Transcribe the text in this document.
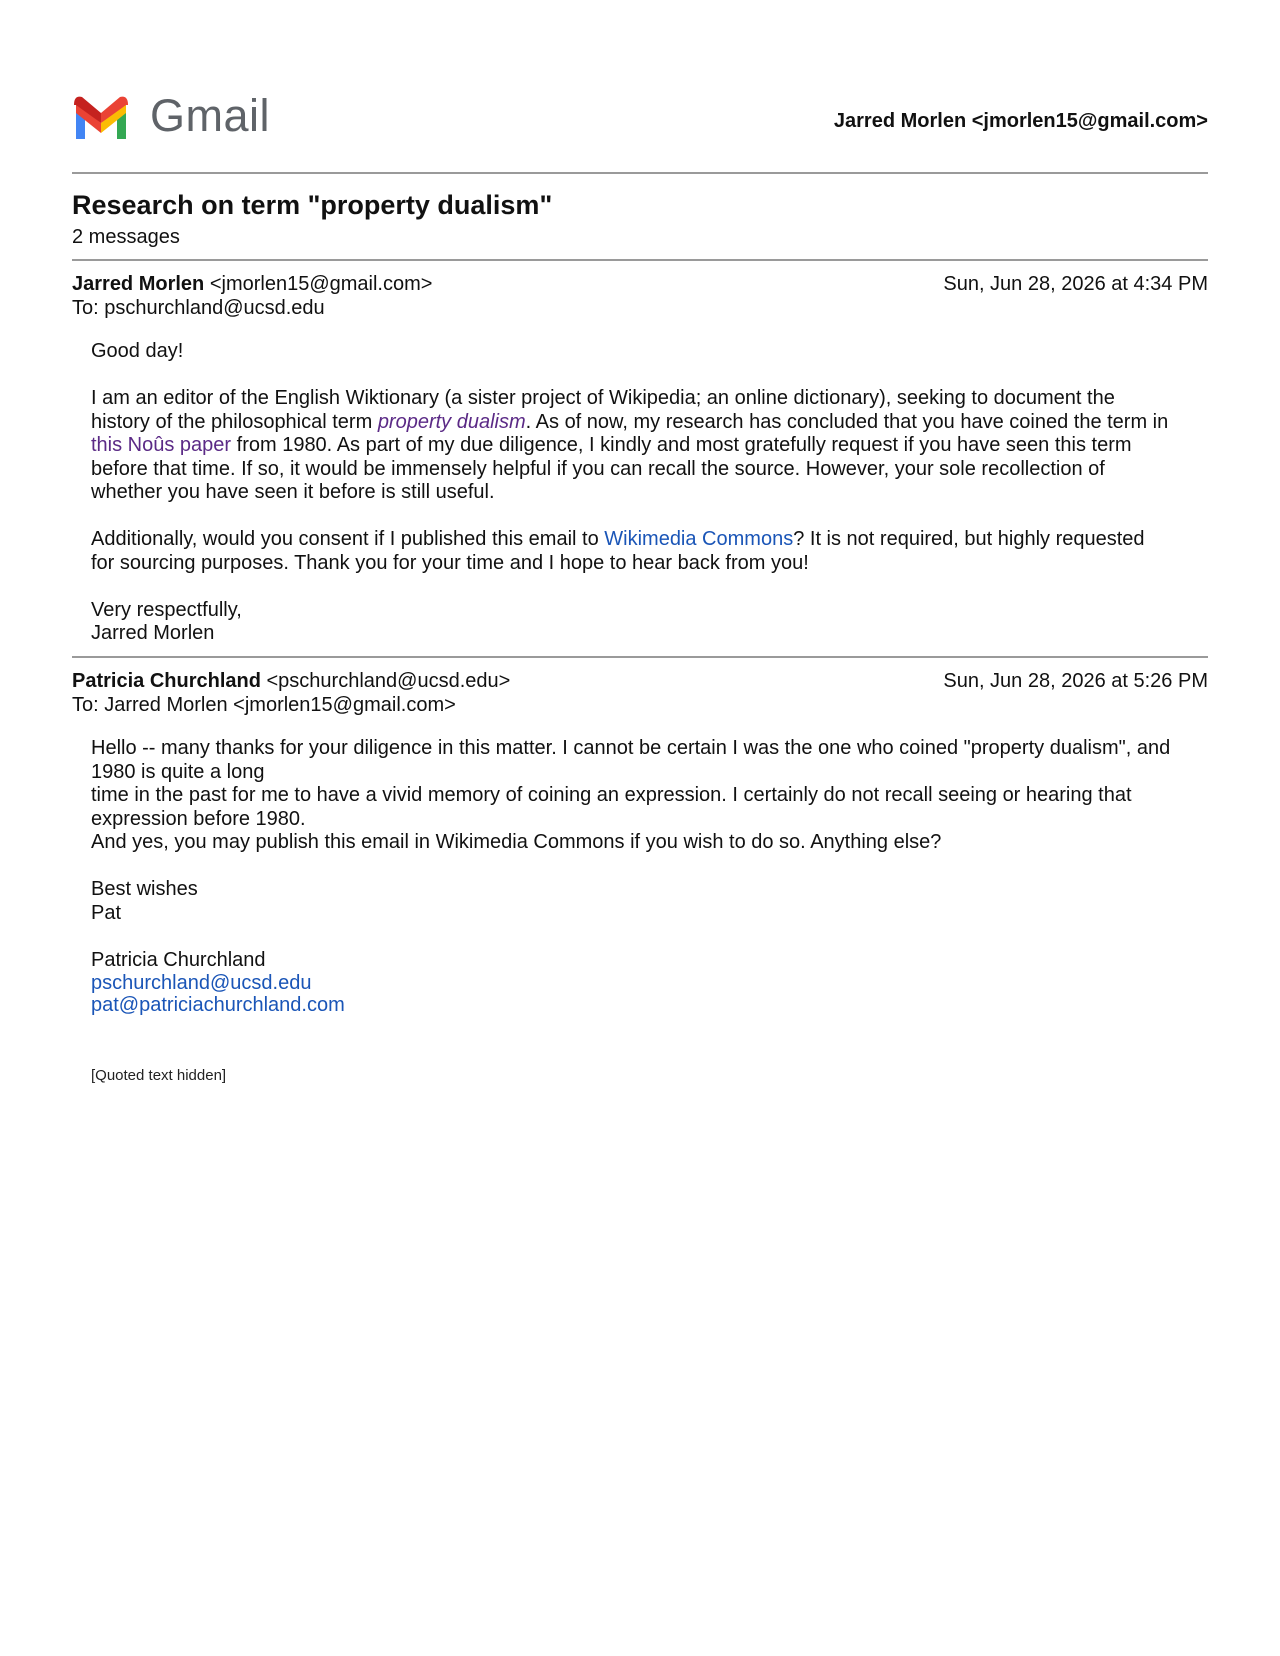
Gmail	Jarred Morlen <jmorlen15@gmail.com>
Research on term "property dualism"
2 messages
Jarred Morlen <jmorlen15@gmail.com>
To: pschurchland@ucsd.edu
Sun, Jun 28, 2026 at 4:34 PM

Good day!

I am an editor of the English Wiktionary (a sister project of Wikipedia; an online dictionary), seeking to document the history of the philosophical term property dualism. As of now, my research has concluded that you have coined the term in this Noûs paper from 1980. As part of my due diligence, I kindly and most gratefully request if you have seen this term before that time. If so, it would be immensely helpful if you can recall the source. However, your sole recollection of whether you have seen it before is still useful.

Additionally, would you consent if I published this email to Wikimedia Commons? It is not required, but highly requested for sourcing purposes. Thank you for your time and I hope to hear back from you!

Very respectfully,
Jarred Morlen

Patricia Churchland <pschurchland@ucsd.edu>
To: Jarred Morlen <jmorlen15@gmail.com>
Sun, Jun 28, 2026 at 5:26 PM
Hello -- many thanks for your diligence in this matter. I cannot be certain I was the one who coined "property dualism", and 1980 is quite a long
time in the past for me to have a vivid memory of coining an expression. I certainly do not recall seeing or hearing that expression before 1980.
And yes, you may publish this email in Wikimedia Commons if you wish to do so. Anything else?
Best wishes
Pat
Patricia Churchland
pschurchland@ucsd.edu
pat@patriciachurchland.com
[Quoted text hidden]
